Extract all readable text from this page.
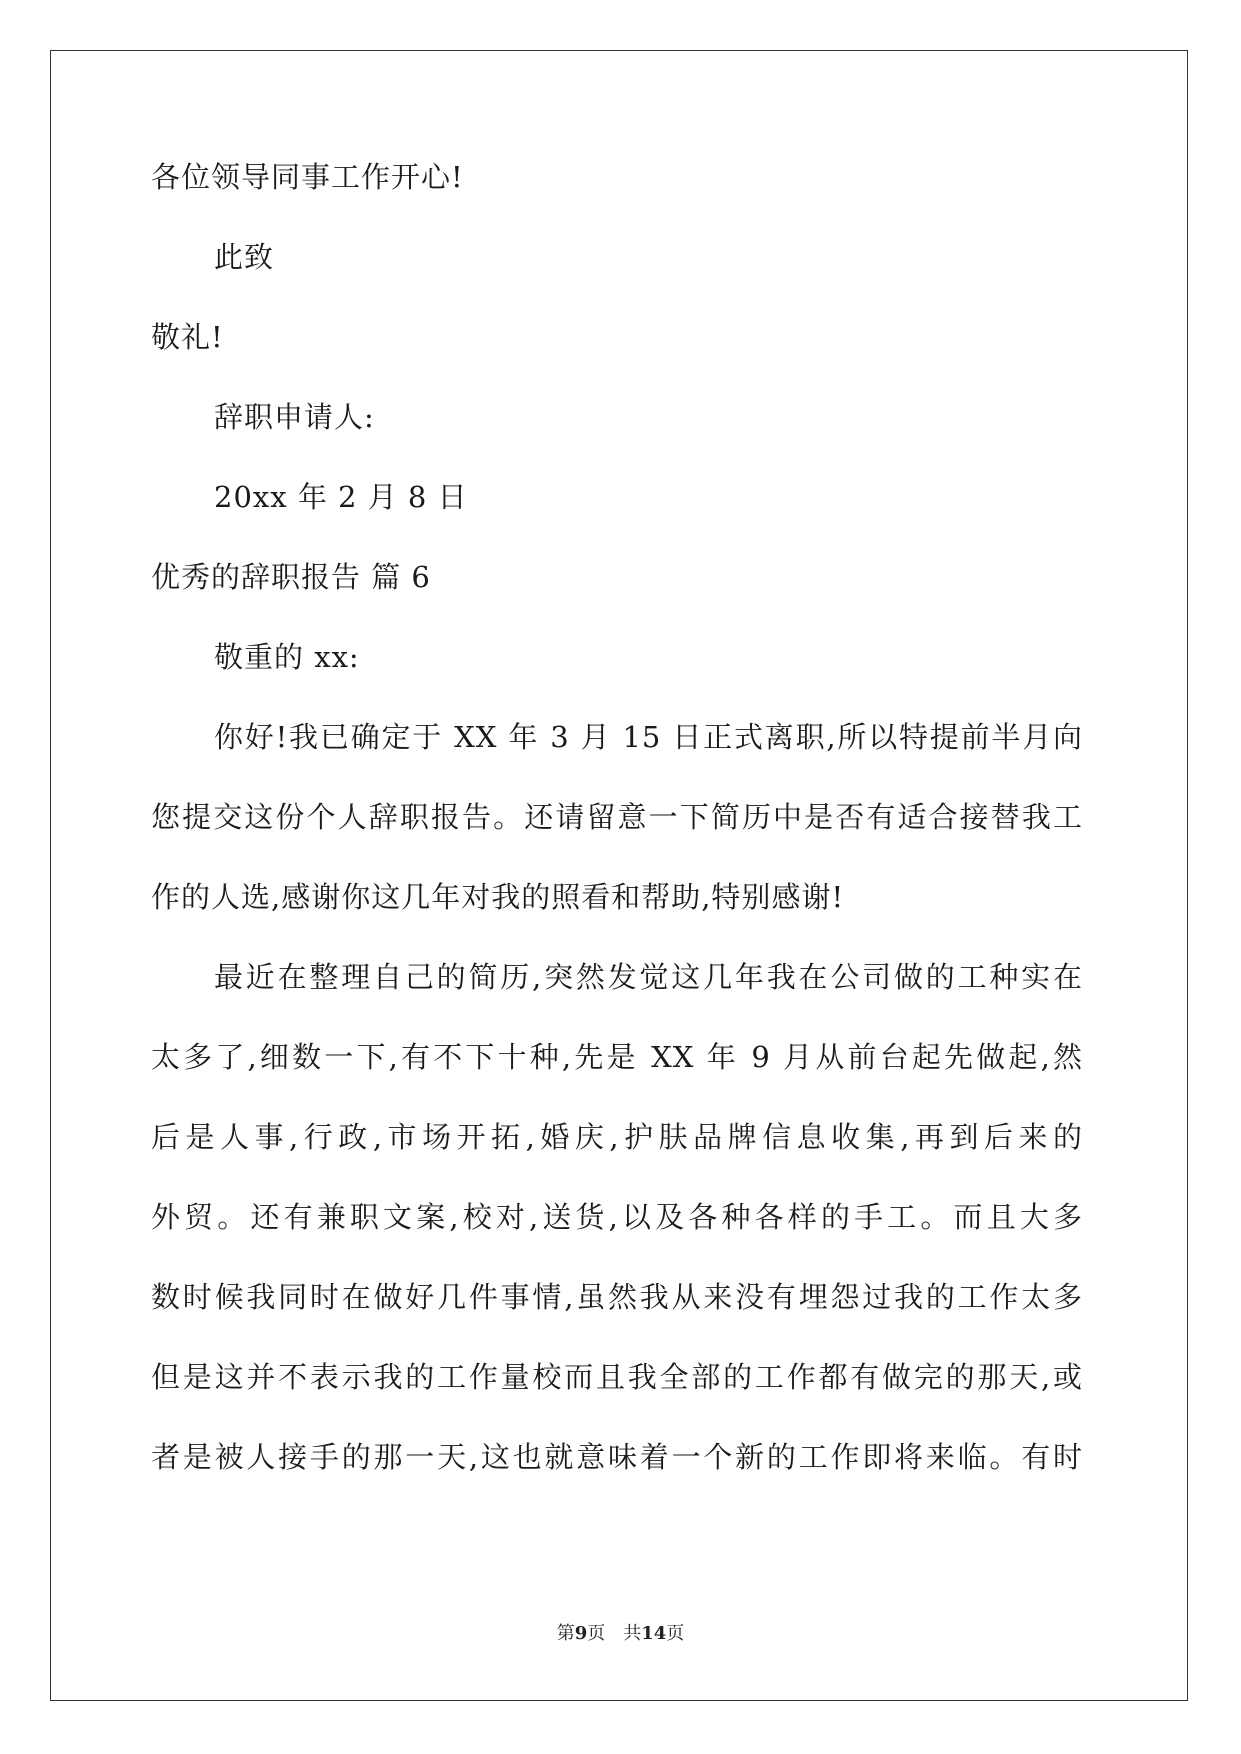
各位领导同事工作开心!
此致
敬礼!
辞职申请人:
20xx 年 2 月 8 日
优秀的辞职报告 篇 6
敬重的 xx:
你好!我已确定于 XX 年 3 月 15 日正式离职,所以特提前半月向
您提交这份个人辞职报告。还请留意一下简历中是否有适合接替我工
作的人选,感谢你这几年对我的照看和帮助,特别感谢!
最近在整理自己的简历,突然发觉这几年我在公司做的工种实在
太多了,细数一下,有不下十种,先是 XX 年 9 月从前台起先做起,然
后是人事,行政,市场开拓,婚庆,护肤品牌信息收集,再到后来的
外贸。还有兼职文案,校对,送货,以及各种各样的手工。而且大多
数时候我同时在做好几件事情,虽然我从来没有埋怨过我的工作太多
但是这并不表示我的工作量校而且我全部的工作都有做完的那天,或
者是被人接手的那一天,这也就意味着一个新的工作即将来临。有时
第9页 共14页
